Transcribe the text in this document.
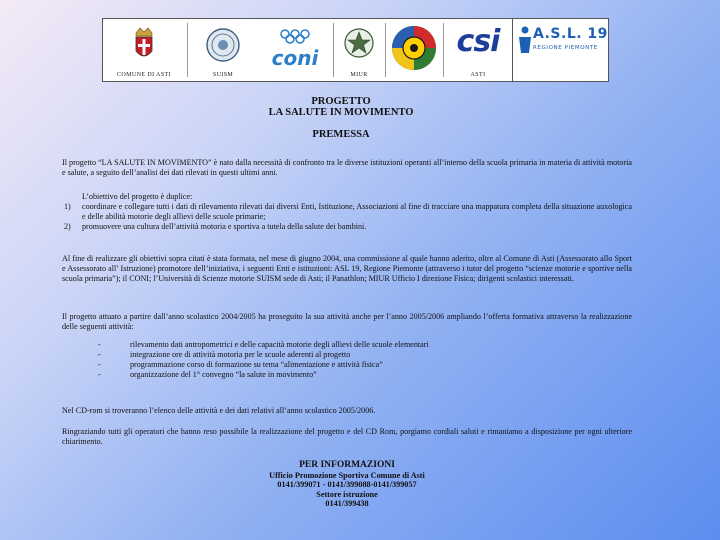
COMUNE DI ASTI	SUISM
coni
MIUR
csi
ASTI
A.S.L. 19
REGIONE PIEMONTE
PROGETTO
LA SALUTE IN MOVIMENTO
PREMESSA

Il progetto “LA SALUTE IN MOVIMENTO” è nato dalla necessità di confronto tra le diverse istituzioni operanti all’interno della scuola primaria in materia di attività motoria e salute, a seguito dell’analisi dei dati rilevati in questi ultimi anni.

L’obiettivo del progetto è duplice:

1)	coordinare e collegare tutti i dati di rilevamento rilevati dai diversi Enti, Istituzione, Associazioni al fine di tracciare una mappatura completa della situazione auxologica e delle abilità motorie degli allievi delle scuole primarie;

2)	promuovere una cultura dell’attività motoria e sportiva a tutela della salute dei bambini.

Al fine di realizzare gli obiettivi sopra citati è stata formata, nel mese di giugno 2004, una commissione al quale hanno aderito, oltre al Comune di Asti (Assessorato allo Sport e Assessorato all’ Istruzione) promotore dell’iniziativa, i seguenti Enti e istituzioni: ASL 19, Regione Piemonte (attraverso i tutor del progetto “scienze motorie e sportive nella scuola primaria”); il CONI; l’Università di Scienze motorie SUISM sede di Asti; il Panathlon; MIUR Ufficio I direzione Fisica; dirigenti scolastici interessati.

Il progetto attuato a partire dall’anno scolastico 2004/2005 ha proseguito la sua attività anche per l’anno 2005/2006 ampliando l’offerta formativa attraverso la realizzazione delle seguenti attività:

-	rilevamento dati antropometrici e delle capacità motorie degli allievi delle scuole elementari
-	integrazione ore di attività motoria per le scuole aderenti al progetto
-	programmazione corso di formazione su tema “alimentazione e attività fisica”
-	organizzazione del 1° convegno “la salute in movimento”

Nel CD-rom si troveranno l’elenco delle attività e dei dati relativi all’anno scolastico 2005/2006.

Ringraziando tutti gli operatori che hanno reso possibile la realizzazione del progetto e del CD Rom, porgiamo cordiali saluti e rimaniamo a disposizione per ogni ulteriore chiarimento.

PER INFORMAZIONI
Ufficio Promozione Sportiva Comune di Asti
0141/399071 - 0141/399088-0141/399057
Settore istruzione
0141/399438
